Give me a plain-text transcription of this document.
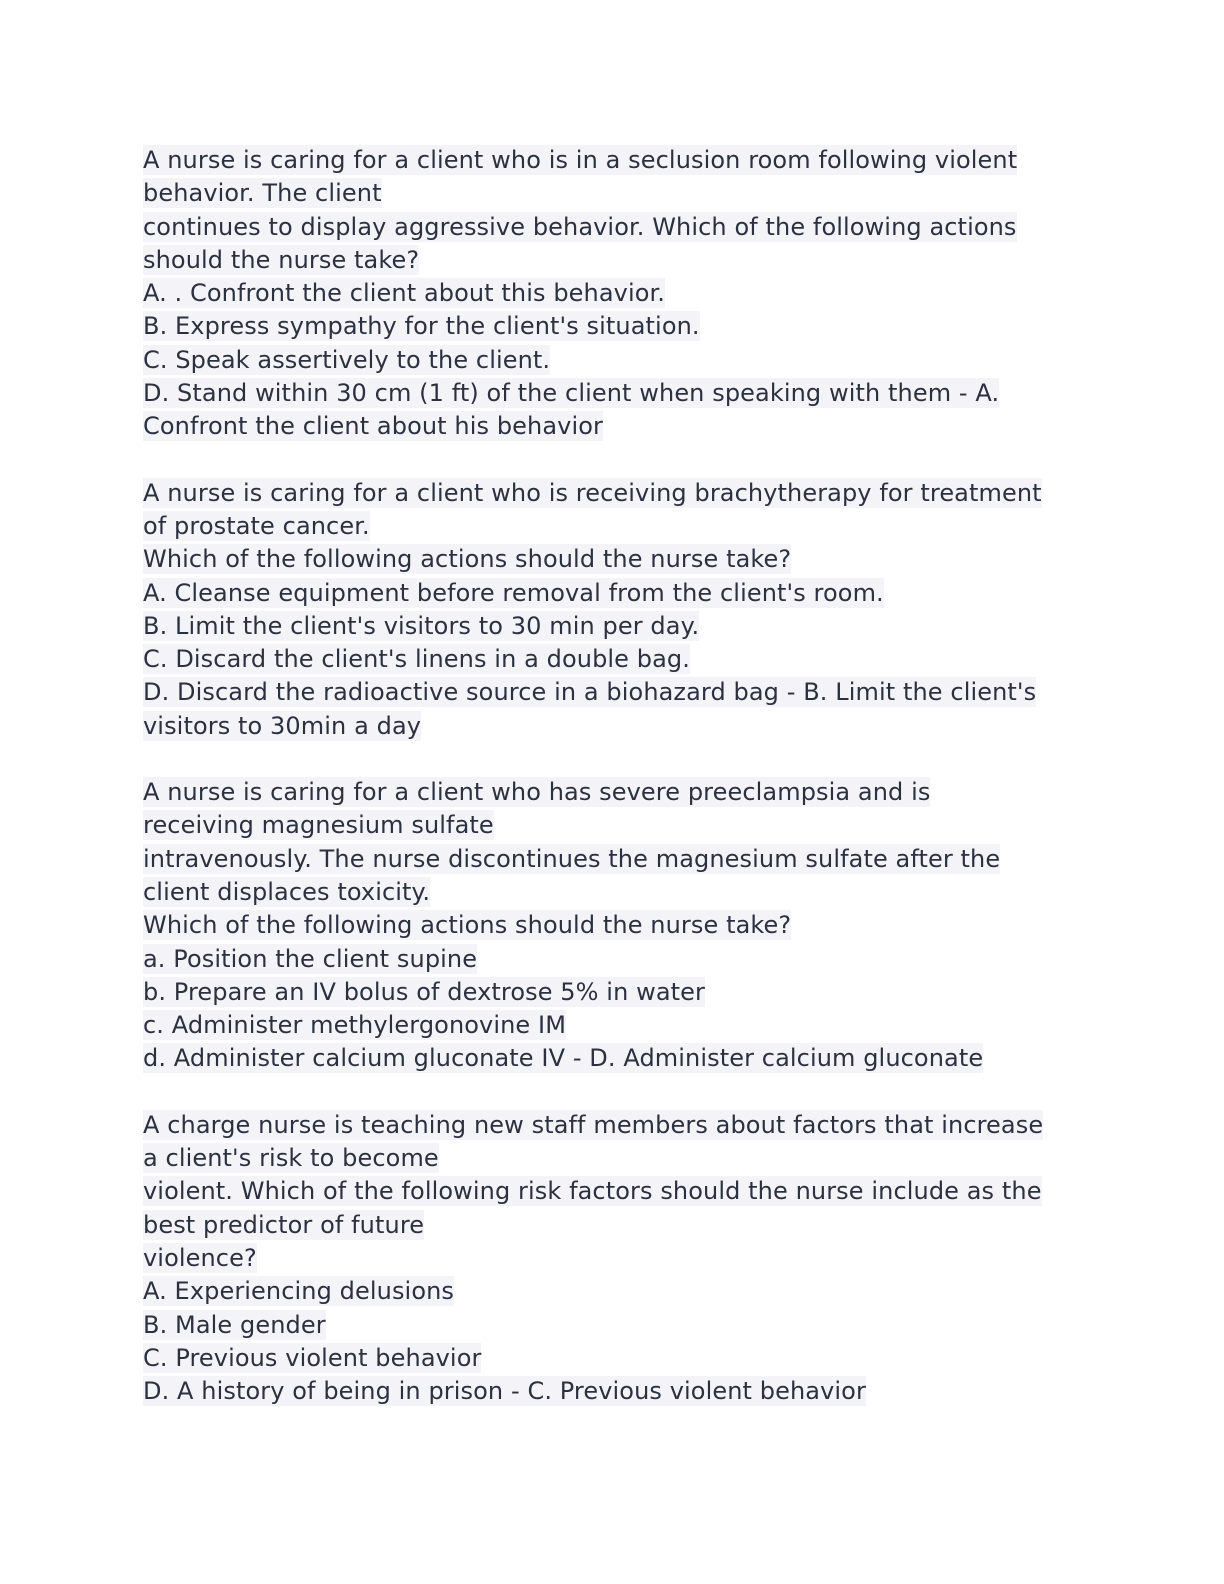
A nurse is caring for a client who is in a seclusion room following violent
behavior. The client
continues to display aggressive behavior. Which of the following actions
should the nurse take?
A. . Confront the client about this behavior.
B. Express sympathy for the client's situation.
C. Speak assertively to the client.
D. Stand within 30 cm (1 ft) of the client when speaking with them - A.
Confront the client about his behavior
A nurse is caring for a client who is receiving brachytherapy for treatment
of prostate cancer.
Which of the following actions should the nurse take?
A. Cleanse equipment before removal from the client's room.
B. Limit the client's visitors to 30 min per day.
C. Discard the client's linens in a double bag.
D. Discard the radioactive source in a biohazard bag - B. Limit the client's
visitors to 30min a day
A nurse is caring for a client who has severe preeclampsia and is
receiving magnesium sulfate
intravenously. The nurse discontinues the magnesium sulfate after the
client displaces toxicity.
Which of the following actions should the nurse take?
a. Position the client supine
b. Prepare an IV bolus of dextrose 5% in water
c. Administer methylergonovine IM
d. Administer calcium gluconate IV - D. Administer calcium gluconate
A charge nurse is teaching new staff members about factors that increase
a client's risk to become
violent. Which of the following risk factors should the nurse include as the
best predictor of future
violence?
A. Experiencing delusions
B. Male gender
C. Previous violent behavior
D. A history of being in prison - C. Previous violent behavior
